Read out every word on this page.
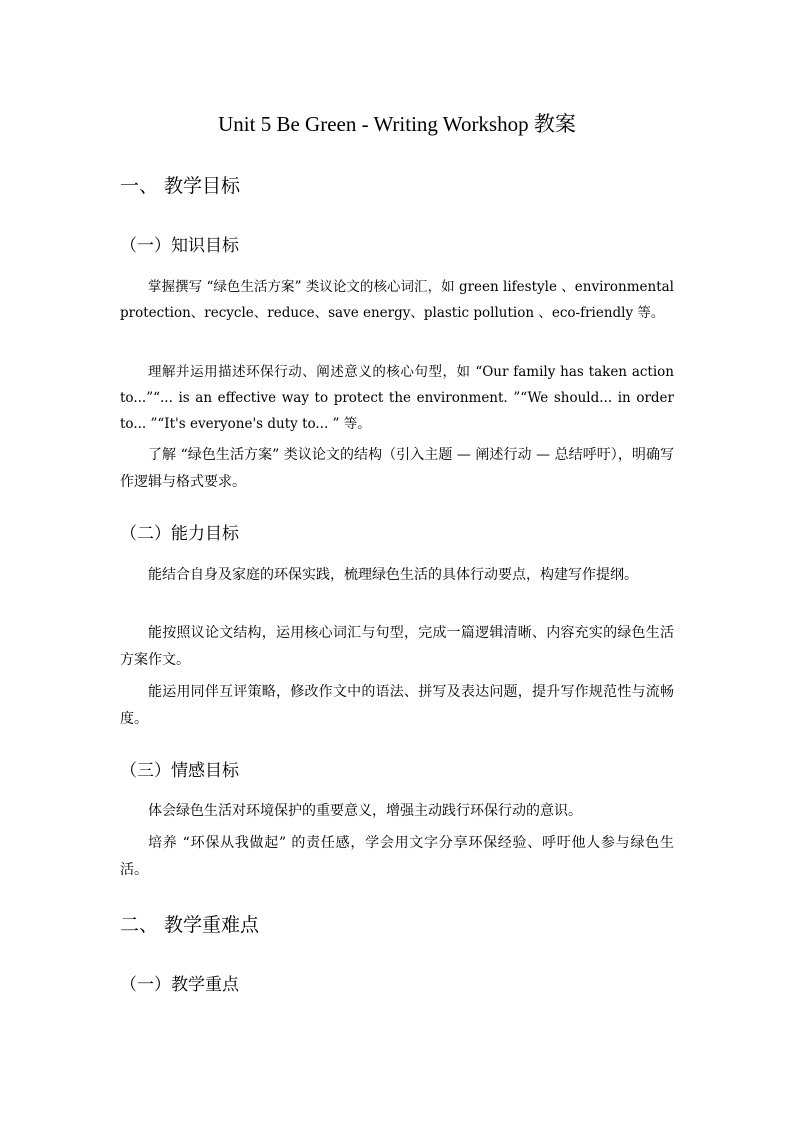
Unit 5 Be Green - Writing Workshop 教案
一、 教学目标
（一）知识目标

掌握撰写 “绿色生活方案” 类议论文的核心词汇，如 green lifestyle 、environmental protection、recycle、reduce、save energy、plastic pollution 、eco-friendly 等。

理解并运用描述环保行动、阐述意义的核心句型，如 “Our family has taken action to...”“... is an effective way to protect the environment. ”“We should... in order to... ”“It's everyone's duty to... ” 等。

了解 “绿色生活方案” 类议论文的结构（引入主题 — 阐述行动 — 总结呼吁），明确写作逻辑与格式要求。

（二）能力目标

能结合自身及家庭的环保实践，梳理绿色生活的具体行动要点，构建写作提纲。

能按照议论文结构，运用核心词汇与句型，完成一篇逻辑清晰、内容充实的绿色生活方案作文。

能运用同伴互评策略，修改作文中的语法、拼写及表达问题，提升写作规范性与流畅度。

（三）情感目标

体会绿色生活对环境保护的重要意义，增强主动践行环保行动的意识。

培养 “环保从我做起” 的责任感，学会用文字分享环保经验、呼吁他人参与绿色生活。

二、 教学重难点
（一）教学重点
